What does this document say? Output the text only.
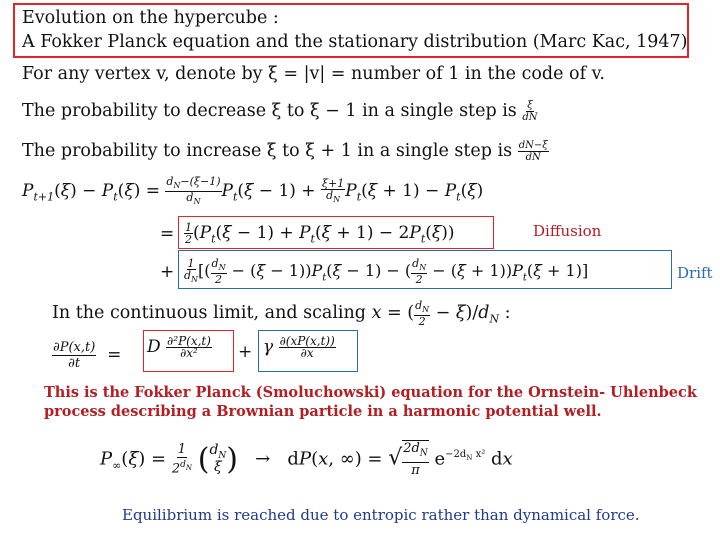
Evolution on the hypercube :
A Fokker Planck equation and the stationary distribution (Marc Kac, 1947)
For any vertex v, denote by ξ = |v| = number of 1 in the code of v.
The probability to decrease ξ to ξ − 1 in a single step is $\frac{\xi}{dN}$
The probability to increase ξ to ξ + 1 in a single step is $\frac{dN-\xi}{dN}$
$P_{t+1}(\xi) - P_t(\xi) = \frac{d_N-(\xi-1)}{d_N} P_t(\xi - 1) + \frac{\xi+1}{d_N} P_t(\xi + 1) - P_t(\xi)$
= $\frac{1}{2} (P_t(\xi - 1) + P_t(\xi + 1) - 2P_t(\xi))$	Diffusion
+ $\frac{1}{d_N}$ [( $\frac{d_N}{2} - (\xi - 1))P_t(\xi - 1)$ − ( $\frac{d_N}{2} - (\xi + 1))P_t(\xi + 1)$]	Drift
In the continuous limit, and scaling x = ( $\frac{d_N}{2} - \xi)/d_N$ :
$\frac{\partial P(x,t)}{\partial t} = D \frac{\text{∂²P(x,t)}}{\text{∂x²}} + \gamma \frac{\partial(xP(x,t))}{\partial x}$
This is the Fokker Planck (Smoluchowski) equation for the Ornstein- Uhlenbeck process describing a Brownian particle in a harmonic potential well.
$P_\infty(\xi) = \frac{1}{2^{d_N}}$ ( $d_N$
ξ )   →   dP(x, ∞) = √ $\frac{2d_N}{\pi} e^{-2d_N x^2}$ dx
Equilibrium is reached due to entropic rather than dynamical force.
